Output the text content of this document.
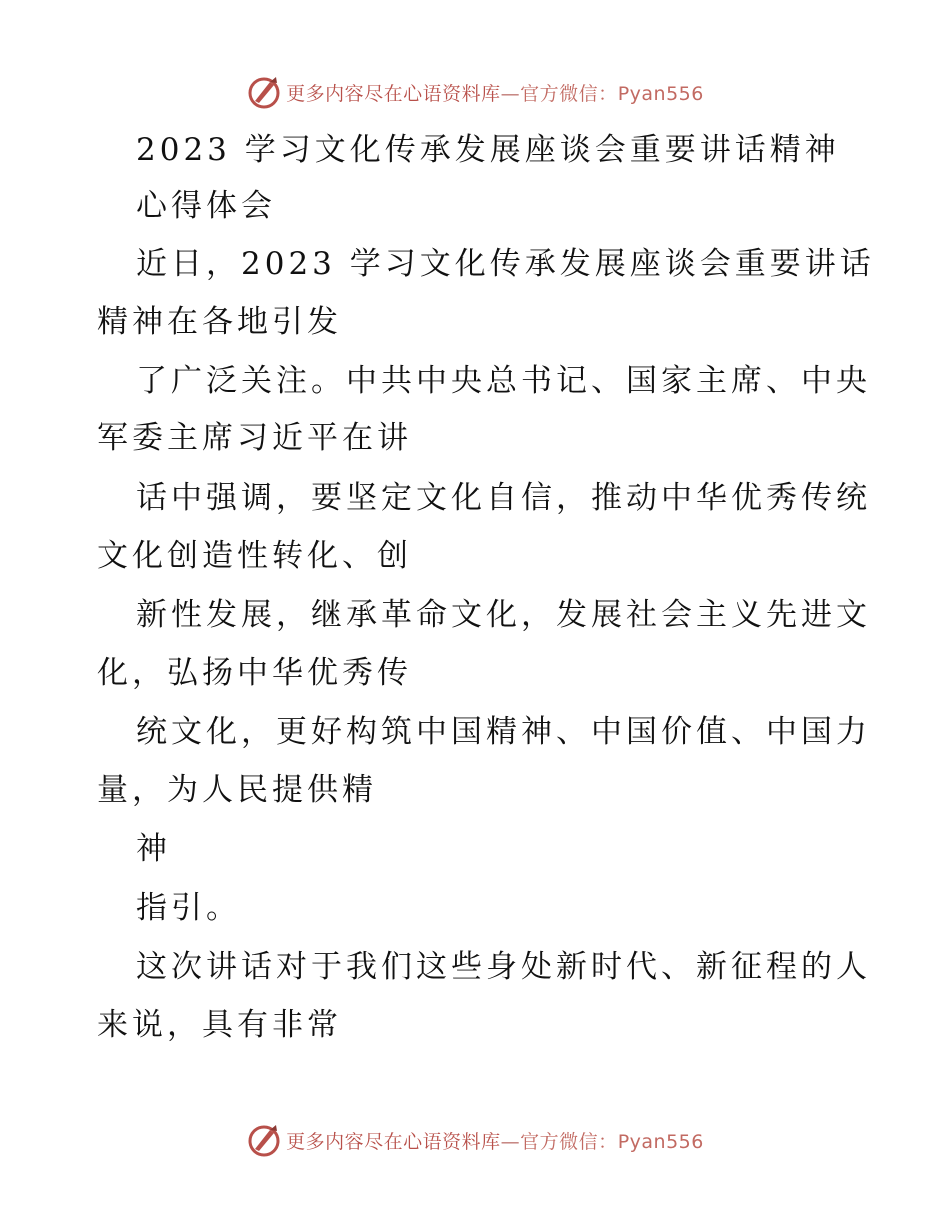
更多内容尽在心语资料库—官方微信：Pyan556
2023 学习文化传承发展座谈会重要讲话精神
心得体会
近日，2023 学习文化传承发展座谈会重要讲话
精神在各地引发
了广泛关注。中共中央总书记、国家主席、中央
军委主席习近平在讲
话中强调，要坚定文化自信，推动中华优秀传统
文化创造性转化、创
新性发展，继承革命文化，发展社会主义先进文
化，弘扬中华优秀传
统文化，更好构筑中国精神、中国价值、中国力
量，为人民提供精
神
指引。
这次讲话对于我们这些身处新时代、新征程的人
来说，具有非常
更多内容尽在心语资料库—官方微信：Pyan556
